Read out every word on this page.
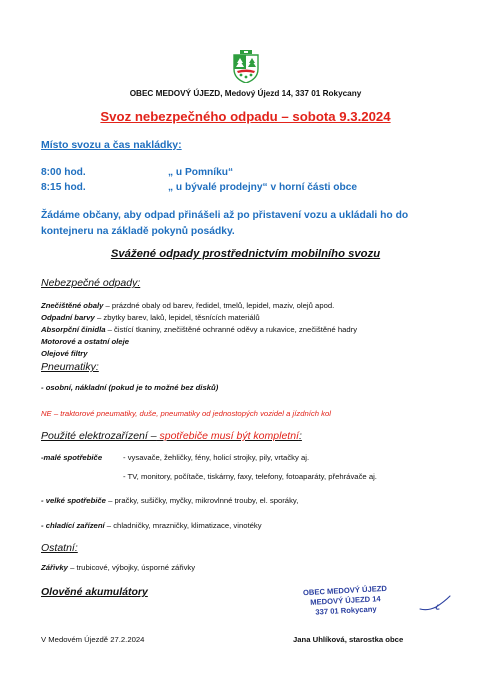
OBEC MEDOVÝ ÚJEZD, Medový Újezd 14, 337 01 Rokycany
Svoz nebezpečného odpadu – sobota 9.3.2024
Místo svozu a čas nakládky:
8:00 hod.	„ u Pomníku“
8:15 hod.	„ u bývalé prodejny“ v horní části obce
Žádáme občany, aby odpad přinášeli až po přistavení vozu a ukládali ho do kontejneru na základě pokynů posádky.
Svážené odpady prostřednictvím mobilního svozu
Nebezpečné odpady:
Znečištěné obaly – prázdné obaly od barev, ředidel, tmelů, lepidel, maziv, olejů apod.
Odpadní barvy – zbytky barev, laků, lepidel, těsnících materiálů
Absorpční činidla – čistící tkaniny, znečištěné ochranné oděvy a rukavice, znečištěné hadry
Motorové a ostatní oleje
Olejové filtry
Pneumatiky:
- osobní, nákladní (pokud je to možné bez disků)
NE – traktorové pneumatiky, duše, pneumatiky od jednostopých vozidel a jízdních kol
Použité elektrozařízení – spotřebiče musí být kompletní:
-malé spotřebiče	- vysavače, žehličky, fény, holicí strojky, pily, vrtačky aj.
- TV, monitory, počítače, tiskárny, faxy, telefony, fotoaparáty, přehrávače aj.
- velké spotřebiče – pračky, sušičky, myčky, mikrovlnné trouby, el. sporáky,
- chladící zařízení – chladničky, mrazničky, klimatizace, vinotéky
Ostatní:
Zářivky – trubicové, výbojky, úsporné zářivky
Olověné akumulátory	OBEC MEDOVÝ ÚJEZD
MEDOVÝ ÚJEZD 14
337 01 Rokycany
V Medovém Újezdě 27.2.2024	Jana Uhlíková, starostka obce
